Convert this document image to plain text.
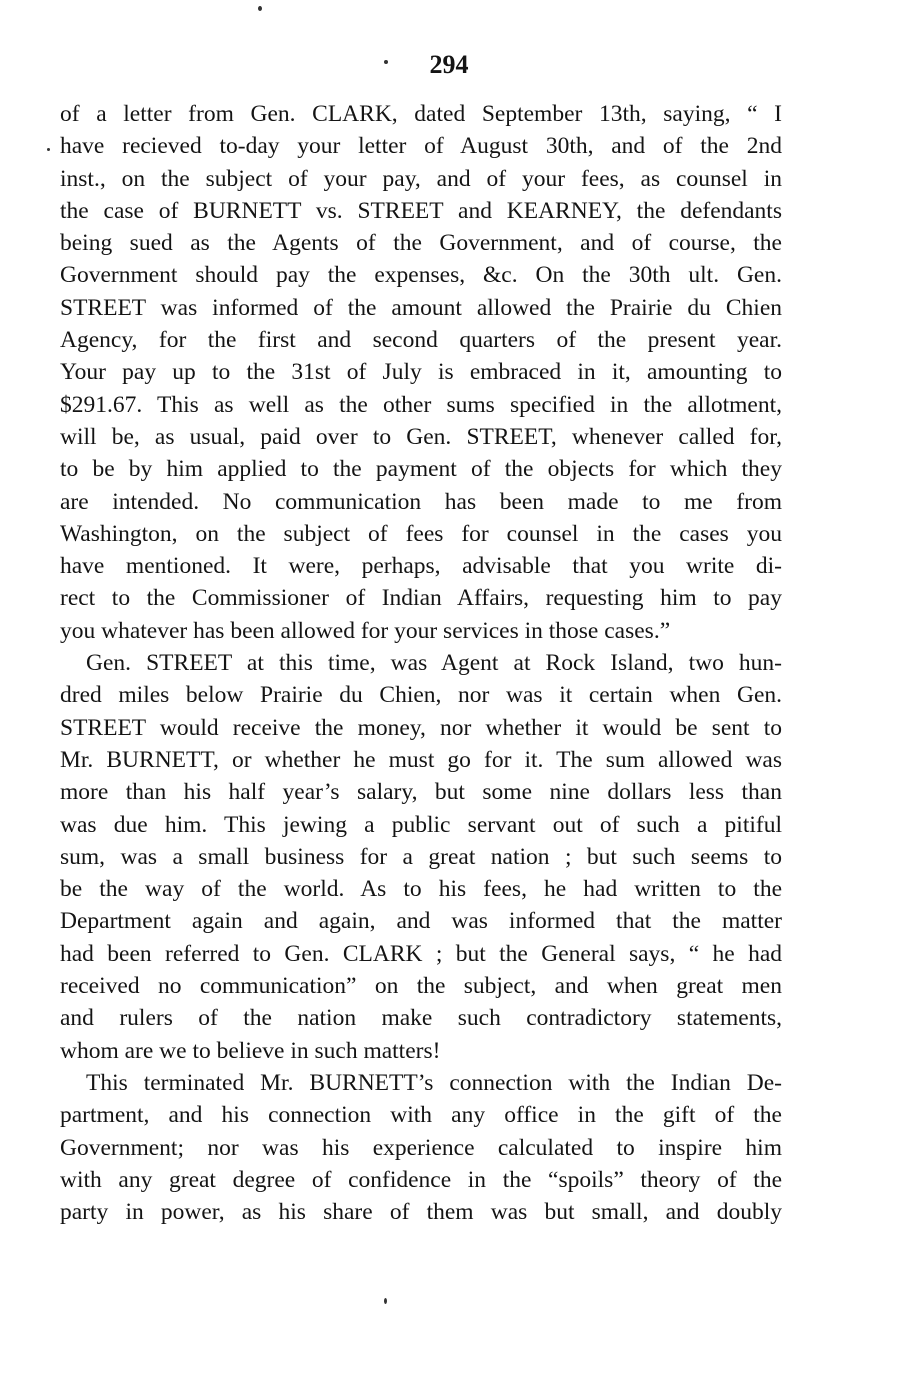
294
of a letter from Gen. CLARK, dated September 13th, saying, “ I
have recieved to-day your letter of August 30th, and of the 2nd
inst., on the subject of your pay, and of your fees, as counsel in
the case of BURNETT vs. STREET and KEARNEY, the defendants
being sued as the Agents of the Government, and of course, the
Government should pay the expenses, &c. On the 30th ult. Gen.
STREET was informed of the amount allowed the Prairie du Chien
Agency, for the first and second quarters of the present year.
Your pay up to the 31st of July is embraced in it, amounting to
$291.67. This as well as the other sums specified in the allotment,
will be, as usual, paid over to Gen. STREET, whenever called for,
to be by him applied to the payment of the objects for which they
are intended. No communication has been made to me from
Washington, on the subject of fees for counsel in the cases you
have mentioned. It were, perhaps, advisable that you write di-
rect to the Commissioner of Indian Affairs, requesting him to pay
you whatever has been allowed for your services in those cases.”
Gen. STREET at this time, was Agent at Rock Island, two hun-
dred miles below Prairie du Chien, nor was it certain when Gen.
STREET would receive the money, nor whether it would be sent to
Mr. BURNETT, or whether he must go for it. The sum allowed was
more than his half year’s salary, but some nine dollars less than
was due him. This jewing a public servant out of such a pitiful
sum, was a small business for a great nation ; but such seems to
be the way of the world. As to his fees, he had written to the
Department again and again, and was informed that the matter
had been referred to Gen. CLARK ; but the General says, “ he had
received no communication” on the subject, and when great men
and rulers of the nation make such contradictory statements,
whom are we to believe in such matters!
This terminated Mr. BURNETT’s connection with the Indian De-
partment, and his connection with any office in the gift of the
Government; nor was his experience calculated to inspire him
with any great degree of confidence in the “spoils” theory of the
party in power, as his share of them was but small, and doubly
